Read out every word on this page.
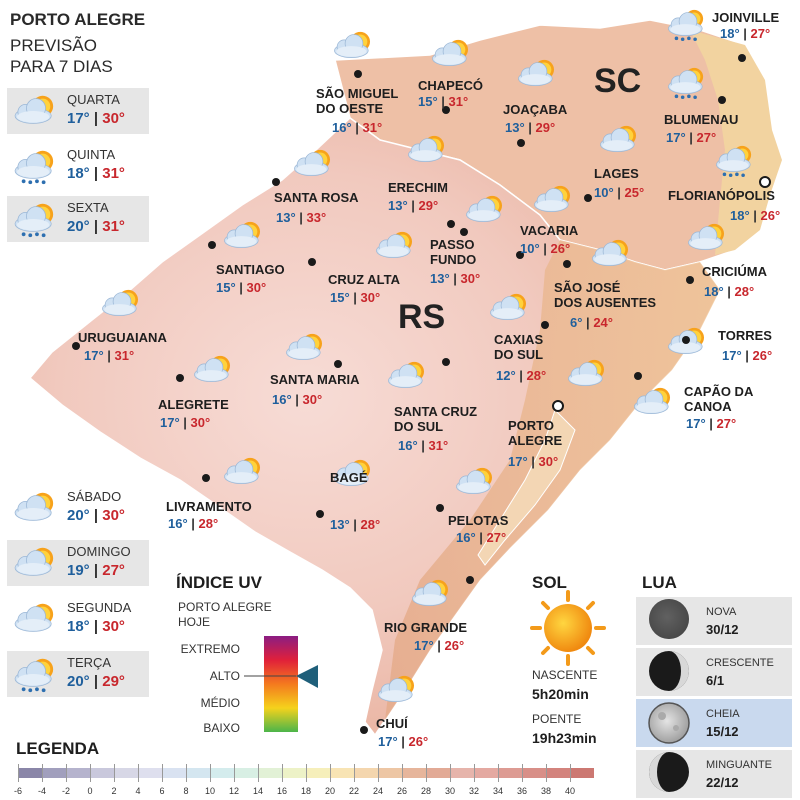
PORTO ALEGRE
PREVISÃO
PARA 7 DIAS
QUARTA
17° | 30°
QUINTA
18° | 31°
SEXTA
20° | 31°
SÁBADO
20° | 30°
DOMINGO
19° | 27°
SEGUNDA
18° | 30°
TERÇA
20° | 29°
RS
SC
JOINVILLE
18° | 27°
BLUMENAU
17° | 27°
FLORIANÓPOLIS
18° | 26°
CRICIÚMA
18° | 28°
TORRES
17° | 26°
CAPÃO DA
CANOA
17° | 27°
SÃO MIGUEL
DO OESTE
16° | 31°
CHAPECÓ
15° | 31°
JOAÇABA
13° | 29°
LAGES
10° | 25°
SANTA ROSA
13° | 33°
ERECHIM
13° | 29°
PASSO
FUNDO
13° | 30°
VACARIA
10° | 26°
SANTIAGO
15° | 30°
CRUZ ALTA
15° | 30°
SÃO JOSÉ
DOS AUSENTES
6° | 24°
URUGUAIANA
17° | 31°
CAXIAS
DO SUL
12° | 28°
SANTA MARIA
16° | 30°
ALEGRETE
17° | 30°
SANTA CRUZ
DO SUL
16° | 31°
PORTO
ALEGRE
17° | 30°
LIVRAMENTO
16° | 28°
BAGÉ
13° | 28°	PELOTAS
16° | 27°
RIO GRANDE
17° | 26°
CHUÍ
17° | 26°
ÍNDICE UV
PORTO ALEGRE
HOJE
EXTREMO
ALTO
MÉDIO
BAIXO
SOL
NASCENTE
5h20min
POENTE
19h23min
LUA
MINGUANTE
22/12
CHEIA
15/12
CRESCENTE
6/1
NOVA
30/12
LEGENDA
-6	-4	-2	0	2	4	6	8	10	12	14	16	18	20	22	24	26	28	30	32	34	36	38	40
